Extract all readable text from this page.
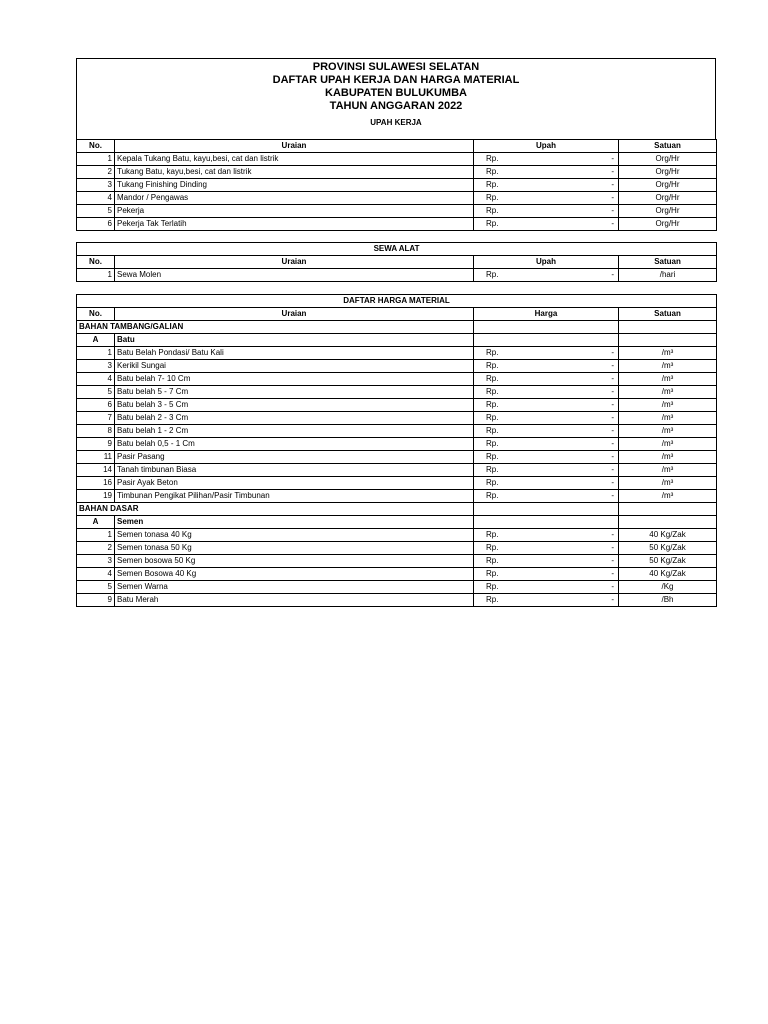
PROVINSI SULAWESI SELATAN
DAFTAR UPAH KERJA DAN HARGA MATERIAL
KABUPATEN BULUKUMBA
TAHUN ANGGARAN 2022
UPAH KERJA
No.	Uraian	Upah		Satuan
1	Kepala Tukang Batu, kayu,besi, cat dan listrik	Rp.	-	Org/Hr
2	Tukang Batu, kayu,besi, cat dan listrik	Rp.	-	Org/Hr
3	Tukang Finishing Dinding	Rp.	-	Org/Hr
4	Mandor / Pengawas	Rp.	-	Org/Hr
5	Pekerja	Rp.	-	Org/Hr
6	Pekerja Tak Terlatih	Rp.	-	Org/Hr
SEWA ALAT				
No.	Uraian	Upah		Satuan
1	Sewa Molen	Rp.	-	/hari
DAFTAR HARGA MATERIAL				
No.	Uraian	Harga		Satuan
BAHAN TAMBANG/GALIAN				
A	Batu			
1	Batu Belah Pondasi/ Batu Kali	Rp.	-	/m³
3	Kerikil Sungai	Rp.	-	/m³
4	Batu belah 7- 10 Cm	Rp.	-	/m³
5	Batu belah 5 - 7 Cm	Rp.	-	/m³
6	Batu belah 3 - 5 Cm	Rp.	-	/m³
7	Batu belah 2 - 3 Cm	Rp.	-	/m³
8	Batu belah 1 - 2 Cm	Rp.	-	/m³
9	Batu belah 0,5 - 1 Cm	Rp.	-	/m³
11	Pasir Pasang	Rp.	-	/m³
14	Tanah timbunan Biasa	Rp.	-	/m³
16	Pasir Ayak Beton	Rp.	-	/m³
19	Timbunan Pengikat Pilihan/Pasir Timbunan	Rp.	-	/m³
BAHAN DASAR				
A	Semen			
1	Semen tonasa 40 Kg	Rp.	-	40 Kg/Zak
2	Semen tonasa 50 Kg	Rp.	-	50 Kg/Zak
3	Semen bosowa 50 Kg	Rp.	-	50 Kg/Zak
4	Semen Bosowa 40 Kg	Rp.	-	40 Kg/Zak
5	Semen Warna	Rp.	-	/Kg
9	Batu Merah	Rp.	-	/Bh
